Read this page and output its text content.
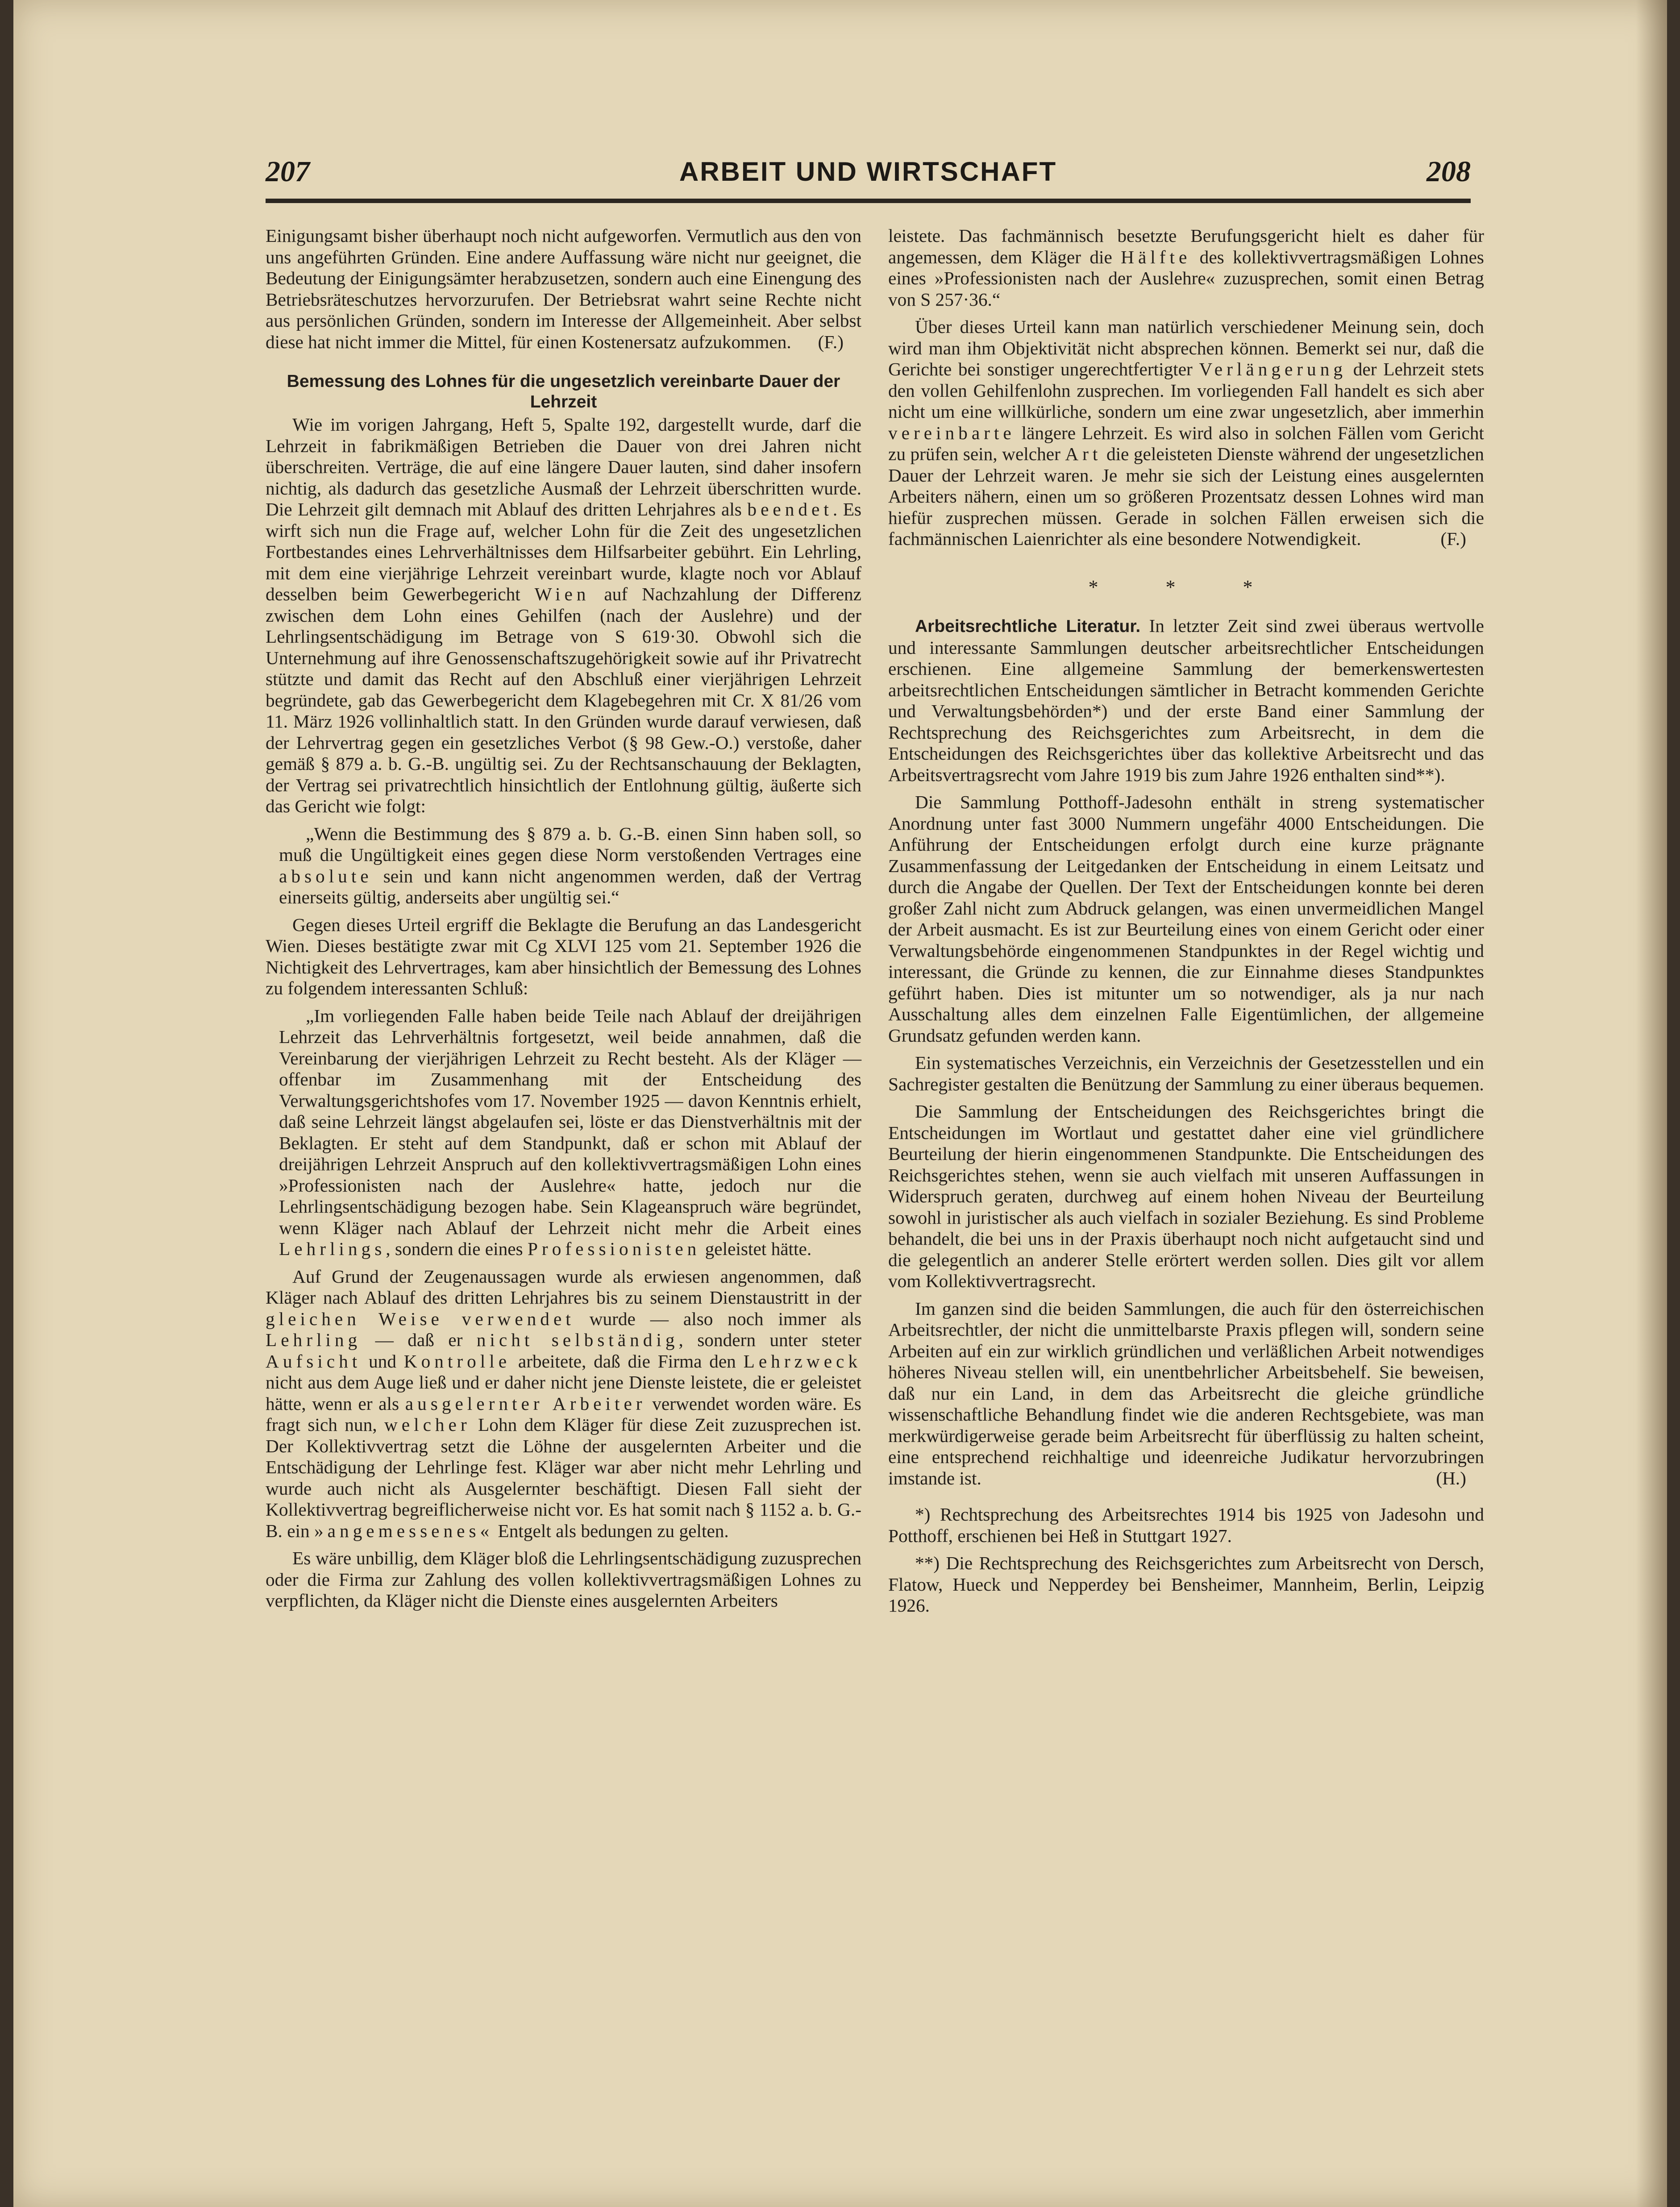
207	ARBEIT UND WIRTSCHAFT	208

Einigungsamt bisher überhaupt noch nicht aufgeworfen. Vermutlich aus den von uns angeführten Gründen. Eine andere Auffassung wäre nicht nur geeignet, die Bedeutung der Einigungsämter herabzusetzen, sondern auch eine Einengung des Betriebsräteschutzes hervorzurufen. Der Betriebsrat wahrt seine Rechte nicht aus persönlichen Gründen, sondern im Interesse der Allgemeinheit. Aber selbst diese hat nicht immer die Mittel, für einen Kostenersatz aufzukommen. (F.)

Bemessung des Lohnes für die ungesetzlich vereinbarte Dauer der Lehrzeit

Wie im vorigen Jahrgang, Heft 5, Spalte 192, dargestellt wurde, darf die Lehrzeit in fabrikmäßigen Betrieben die Dauer von drei Jahren nicht überschreiten. Verträge, die auf eine längere Dauer lauten, sind daher insofern nichtig, als dadurch das gesetzliche Ausmaß der Lehrzeit überschritten wurde. Die Lehrzeit gilt demnach mit Ablauf des dritten Lehrjahres als beendet. Es wirft sich nun die Frage auf, welcher Lohn für die Zeit des ungesetzlichen Fortbestandes eines Lehrverhältnisses dem Hilfsarbeiter gebührt. Ein Lehrling, mit dem eine vierjährige Lehrzeit vereinbart wurde, klagte noch vor Ablauf desselben beim Gewerbegericht Wien auf Nachzahlung der Differenz zwischen dem Lohn eines Gehilfen (nach der Auslehre) und der Lehrlingsentschädigung im Betrage von S 619·30. Obwohl sich die Unternehmung auf ihre Genossenschaftszugehörigkeit sowie auf ihr Privatrecht stützte und damit das Recht auf den Abschluß einer vierjährigen Lehrzeit begründete, gab das Gewerbegericht dem Klagebegehren mit Cr. X 81/26 vom 11. März 1926 vollinhaltlich statt. In den Gründen wurde darauf verwiesen, daß der Lehrvertrag gegen ein gesetzliches Verbot (§ 98 Gew.-O.) verstoße, daher gemäß § 879 a. b. G.-B. ungültig sei. Zu der Rechtsanschauung der Beklagten, der Vertrag sei privatrechtlich hinsichtlich der Entlohnung gültig, äußerte sich das Gericht wie folgt:

„Wenn die Bestimmung des § 879 a. b. G.-B. einen Sinn haben soll, so muß die Ungültigkeit eines gegen diese Norm verstoßenden Vertrages eine absolute sein und kann nicht angenommen werden, daß der Vertrag einerseits gültig, anderseits aber ungültig sei.“

Gegen dieses Urteil ergriff die Beklagte die Berufung an das Landesgericht Wien. Dieses bestätigte zwar mit Cg XLVI 125 vom 21. September 1926 die Nichtigkeit des Lehrvertrages, kam aber hinsichtlich der Bemessung des Lohnes zu folgendem interessanten Schluß:

„Im vorliegenden Falle haben beide Teile nach Ablauf der dreijährigen Lehrzeit das Lehrverhältnis fortgesetzt, weil beide annahmen, daß die Vereinbarung der vierjährigen Lehrzeit zu Recht besteht. Als der Kläger — offenbar im Zusammenhang mit der Entscheidung des Verwaltungsgerichtshofes vom 17. November 1925 — davon Kenntnis erhielt, daß seine Lehrzeit längst abgelaufen sei, löste er das Dienstverhältnis mit der Beklagten. Er steht auf dem Standpunkt, daß er schon mit Ablauf der dreijährigen Lehrzeit Anspruch auf den kollektivvertragsmäßigen Lohn eines »Professionisten nach der Auslehre« hatte, jedoch nur die Lehrlingsentschädigung bezogen habe. Sein Klageanspruch wäre begründet, wenn Kläger nach Ablauf der Lehrzeit nicht mehr die Arbeit eines Lehrlings, sondern die eines Professionisten geleistet hätte.

Auf Grund der Zeugenaussagen wurde als erwiesen angenommen, daß Kläger nach Ablauf des dritten Lehrjahres bis zu seinem Dienstaustritt in der gleichen Weise verwendet wurde — also noch immer als Lehrling — daß er nicht selbständig, sondern unter steter Aufsicht und Kontrolle arbeitete, daß die Firma den Lehrzweck nicht aus dem Auge ließ und er daher nicht jene Dienste leistete, die er geleistet hätte, wenn er als ausgelernter Arbeiter verwendet worden wäre. Es fragt sich nun, welcher Lohn dem Kläger für diese Zeit zuzusprechen ist. Der Kollektivvertrag setzt die Löhne der ausgelernten Arbeiter und die Entschädigung der Lehrlinge fest. Kläger war aber nicht mehr Lehrling und wurde auch nicht als Ausgelernter beschäftigt. Diesen Fall sieht der Kollektivvertrag begreiflicherweise nicht vor. Es hat somit nach § 1152 a. b. G.-B. ein »angemessenes« Entgelt als bedungen zu gelten.

Es wäre unbillig, dem Kläger bloß die Lehrlingsentschädigung zuzusprechen oder die Firma zur Zahlung des vollen kollektivvertragsmäßigen Lohnes zu verpflichten, da Kläger nicht die Dienste eines ausgelernten Arbeiters

leistete. Das fachmännisch besetzte Berufungsgericht hielt es daher für angemessen, dem Kläger die Hälfte des kollektivvertragsmäßigen Lohnes eines »Professionisten nach der Auslehre« zuzusprechen, somit einen Betrag von S 257·36.“

Über dieses Urteil kann man natürlich verschiedener Meinung sein, doch wird man ihm Objektivität nicht absprechen können. Bemerkt sei nur, daß die Gerichte bei sonstiger ungerechtfertigter Verlängerung der Lehrzeit stets den vollen Gehilfenlohn zusprechen. Im vorliegenden Fall handelt es sich aber nicht um eine willkürliche, sondern um eine zwar ungesetzlich, aber immerhin vereinbarte längere Lehrzeit. Es wird also in solchen Fällen vom Gericht zu prüfen sein, welcher Art die geleisteten Dienste während der ungesetzlichen Dauer der Lehrzeit waren. Je mehr sie sich der Leistung eines ausgelernten Arbeiters nähern, einen um so größeren Prozentsatz dessen Lohnes wird man hiefür zusprechen müssen. Gerade in solchen Fällen erweisen sich die fachmännischen Laienrichter als eine besondere Notwendigkeit.	(F.)

* * *

Arbeitsrechtliche Literatur. In letzter Zeit sind zwei überaus wertvolle und interessante Sammlungen deutscher arbeitsrechtlicher Entscheidungen erschienen. Eine allgemeine Sammlung der bemerkenswertesten arbeitsrechtlichen Entscheidungen sämtlicher in Betracht kommenden Gerichte und Verwaltungsbehörden*) und der erste Band einer Sammlung der Rechtsprechung des Reichsgerichtes zum Arbeitsrecht, in dem die Entscheidungen des Reichsgerichtes über das kollektive Arbeitsrecht und das Arbeitsvertragsrecht vom Jahre 1919 bis zum Jahre 1926 enthalten sind**).

Die Sammlung Potthoff-Jadesohn enthält in streng systematischer Anordnung unter fast 3000 Nummern ungefähr 4000 Entscheidungen. Die Anführung der Entscheidungen erfolgt durch eine kurze prägnante Zusammenfassung der Leitgedanken der Entscheidung in einem Leitsatz und durch die Angabe der Quellen. Der Text der Entscheidungen konnte bei deren großer Zahl nicht zum Abdruck gelangen, was einen unvermeidlichen Mangel der Arbeit ausmacht. Es ist zur Beurteilung eines von einem Gericht oder einer Verwaltungsbehörde eingenommenen Standpunktes in der Regel wichtig und interessant, die Gründe zu kennen, die zur Einnahme dieses Standpunktes geführt haben. Dies ist mitunter um so notwendiger, als ja nur nach Ausschaltung alles dem einzelnen Falle Eigentümlichen, der allgemeine Grundsatz gefunden werden kann.

Ein systematisches Verzeichnis, ein Verzeichnis der Gesetzesstellen und ein Sachregister gestalten die Benützung der Sammlung zu einer überaus bequemen.

Die Sammlung der Entscheidungen des Reichsgerichtes bringt die Entscheidungen im Wortlaut und gestattet daher eine viel gründlichere Beurteilung der hierin eingenommenen Standpunkte. Die Entscheidungen des Reichsgerichtes stehen, wenn sie auch vielfach mit unseren Auffassungen in Widerspruch geraten, durchweg auf einem hohen Niveau der Beurteilung sowohl in juristischer als auch vielfach in sozialer Beziehung. Es sind Probleme behandelt, die bei uns in der Praxis überhaupt noch nicht aufgetaucht sind und die gelegentlich an anderer Stelle erörtert werden sollen. Dies gilt vor allem vom Kollektivvertragsrecht.

Im ganzen sind die beiden Sammlungen, die auch für den österreichischen Arbeitsrechtler, der nicht die unmittelbarste Praxis pflegen will, sondern seine Arbeiten auf ein zur wirklich gründlichen und verläßlichen Arbeit notwendiges höheres Niveau stellen will, ein unentbehrlicher Arbeitsbehelf. Sie beweisen, daß nur ein Land, in dem das Arbeitsrecht die gleiche gründliche wissenschaftliche Behandlung findet wie die anderen Rechtsgebiete, was man merkwürdigerweise gerade beim Arbeitsrecht für überflüssig zu halten scheint, eine entsprechend reichhaltige und ideenreiche Judikatur hervorzubringen imstande ist.	(H.)

*) Rechtsprechung des Arbeitsrechtes 1914 bis 1925 von Jadesohn und Potthoff, erschienen bei Heß in Stuttgart 1927.

**) Die Rechtsprechung des Reichsgerichtes zum Arbeitsrecht von Dersch, Flatow, Hueck und Nepperdey bei Bensheimer, Mannheim, Berlin, Leipzig 1926.
